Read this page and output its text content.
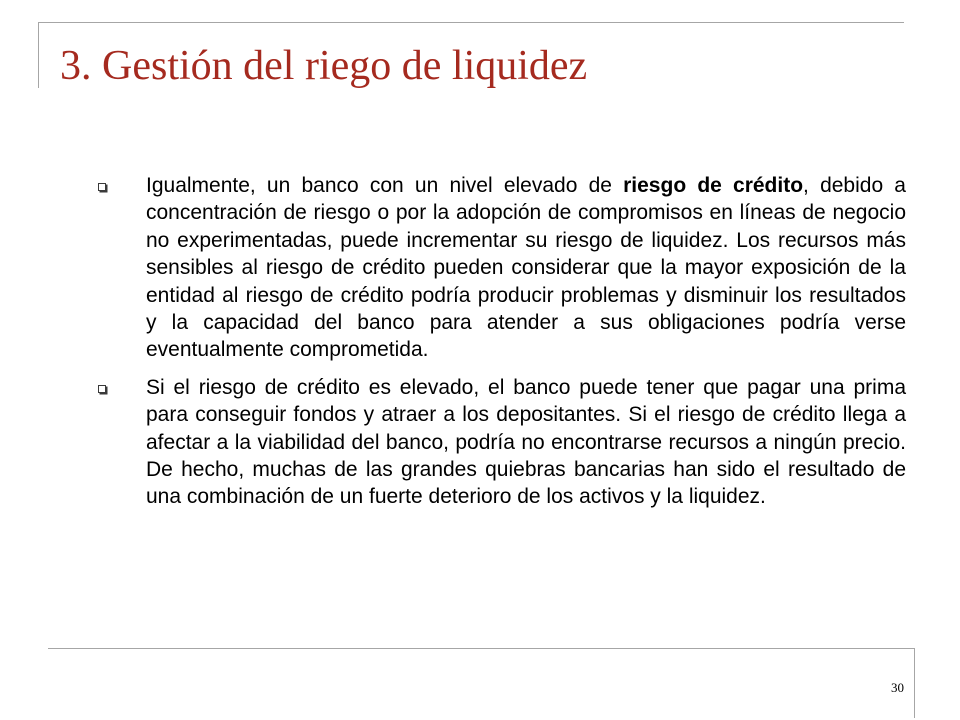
3. Gestión del riego de liquidez

Igualmente, un banco con un nivel elevado de riesgo de crédito, debido a concentración de riesgo o por la adopción de compromisos en líneas de negocio no experimentadas, puede incrementar su riesgo de liquidez. Los recursos más sensibles al riesgo de crédito pueden considerar que la mayor exposición de la entidad al riesgo de crédito podría producir problemas y disminuir los resultados y la capacidad del banco para atender a sus obligaciones podría verse eventualmente comprometida.

Si el riesgo de crédito es elevado, el banco puede tener que pagar una prima para conseguir fondos y atraer a los depositantes. Si el riesgo de crédito llega a afectar a la viabilidad del banco, podría no encontrarse recursos a ningún precio. De hecho, muchas de las grandes quiebras bancarias han sido el resultado de una combinación de un fuerte deterioro de los activos y la liquidez.

30
